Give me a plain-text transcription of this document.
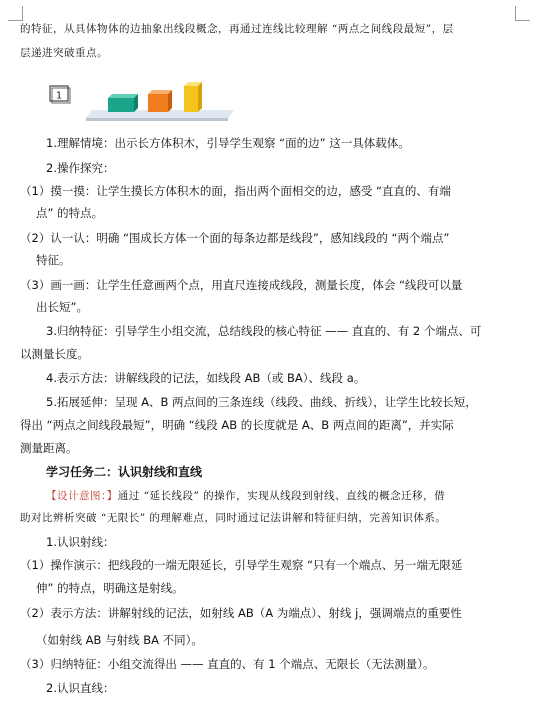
的特征，从具体物体的边抽象出线段概念，再通过连线比较理解 “两点之间线段最短”，层
层递进突破重点。
1
1.理解情境：出示长方体积木，引导学生观察 “面的边” 这一具体载体。
2.操作探究：
（1）摸一摸：让学生摸长方体积木的面，指出两个面相交的边，感受 “直直的、有端
点” 的特点。
（2）认一认：明确 “围成长方体一个面的每条边都是线段”，感知线段的 “两个端点”
特征。
（3）画一画：让学生任意画两个点，用直尺连接成线段，测量长度，体会 “线段可以量
出长短”。
3.归纳特征：引导学生小组交流，总结线段的核心特征 —— 直直的、有 2 个端点、可
以测量长度。
4.表示方法：讲解线段的记法，如线段 AB（或 BA）、线段 a。
5.拓展延伸：呈现 A、B 两点间的三条连线（线段、曲线、折线），让学生比较长短，
得出 “两点之间线段最短”，明确 “线段 AB 的长度就是 A、B 两点间的距离”，并实际
测量距离。
学习任务二：认识射线和直线
【设计意图：】通过 “延长线段” 的操作，实现从线段到射线、直线的概念迁移，借
助对比辨析突破 “无限长” 的理解难点，同时通过记法讲解和特征归纳，完善知识体系。
1.认识射线：
（1）操作演示：把线段的一端无限延长，引导学生观察 “只有一个端点、另一端无限延
伸” 的特点，明确这是射线。
（2）表示方法：讲解射线的记法，如射线 AB（A 为端点）、射线 j，强调端点的重要性
（如射线 AB 与射线 BA 不同）。
（3）归纳特征：小组交流得出 —— 直直的、有 1 个端点、无限长（无法测量）。
2.认识直线：
